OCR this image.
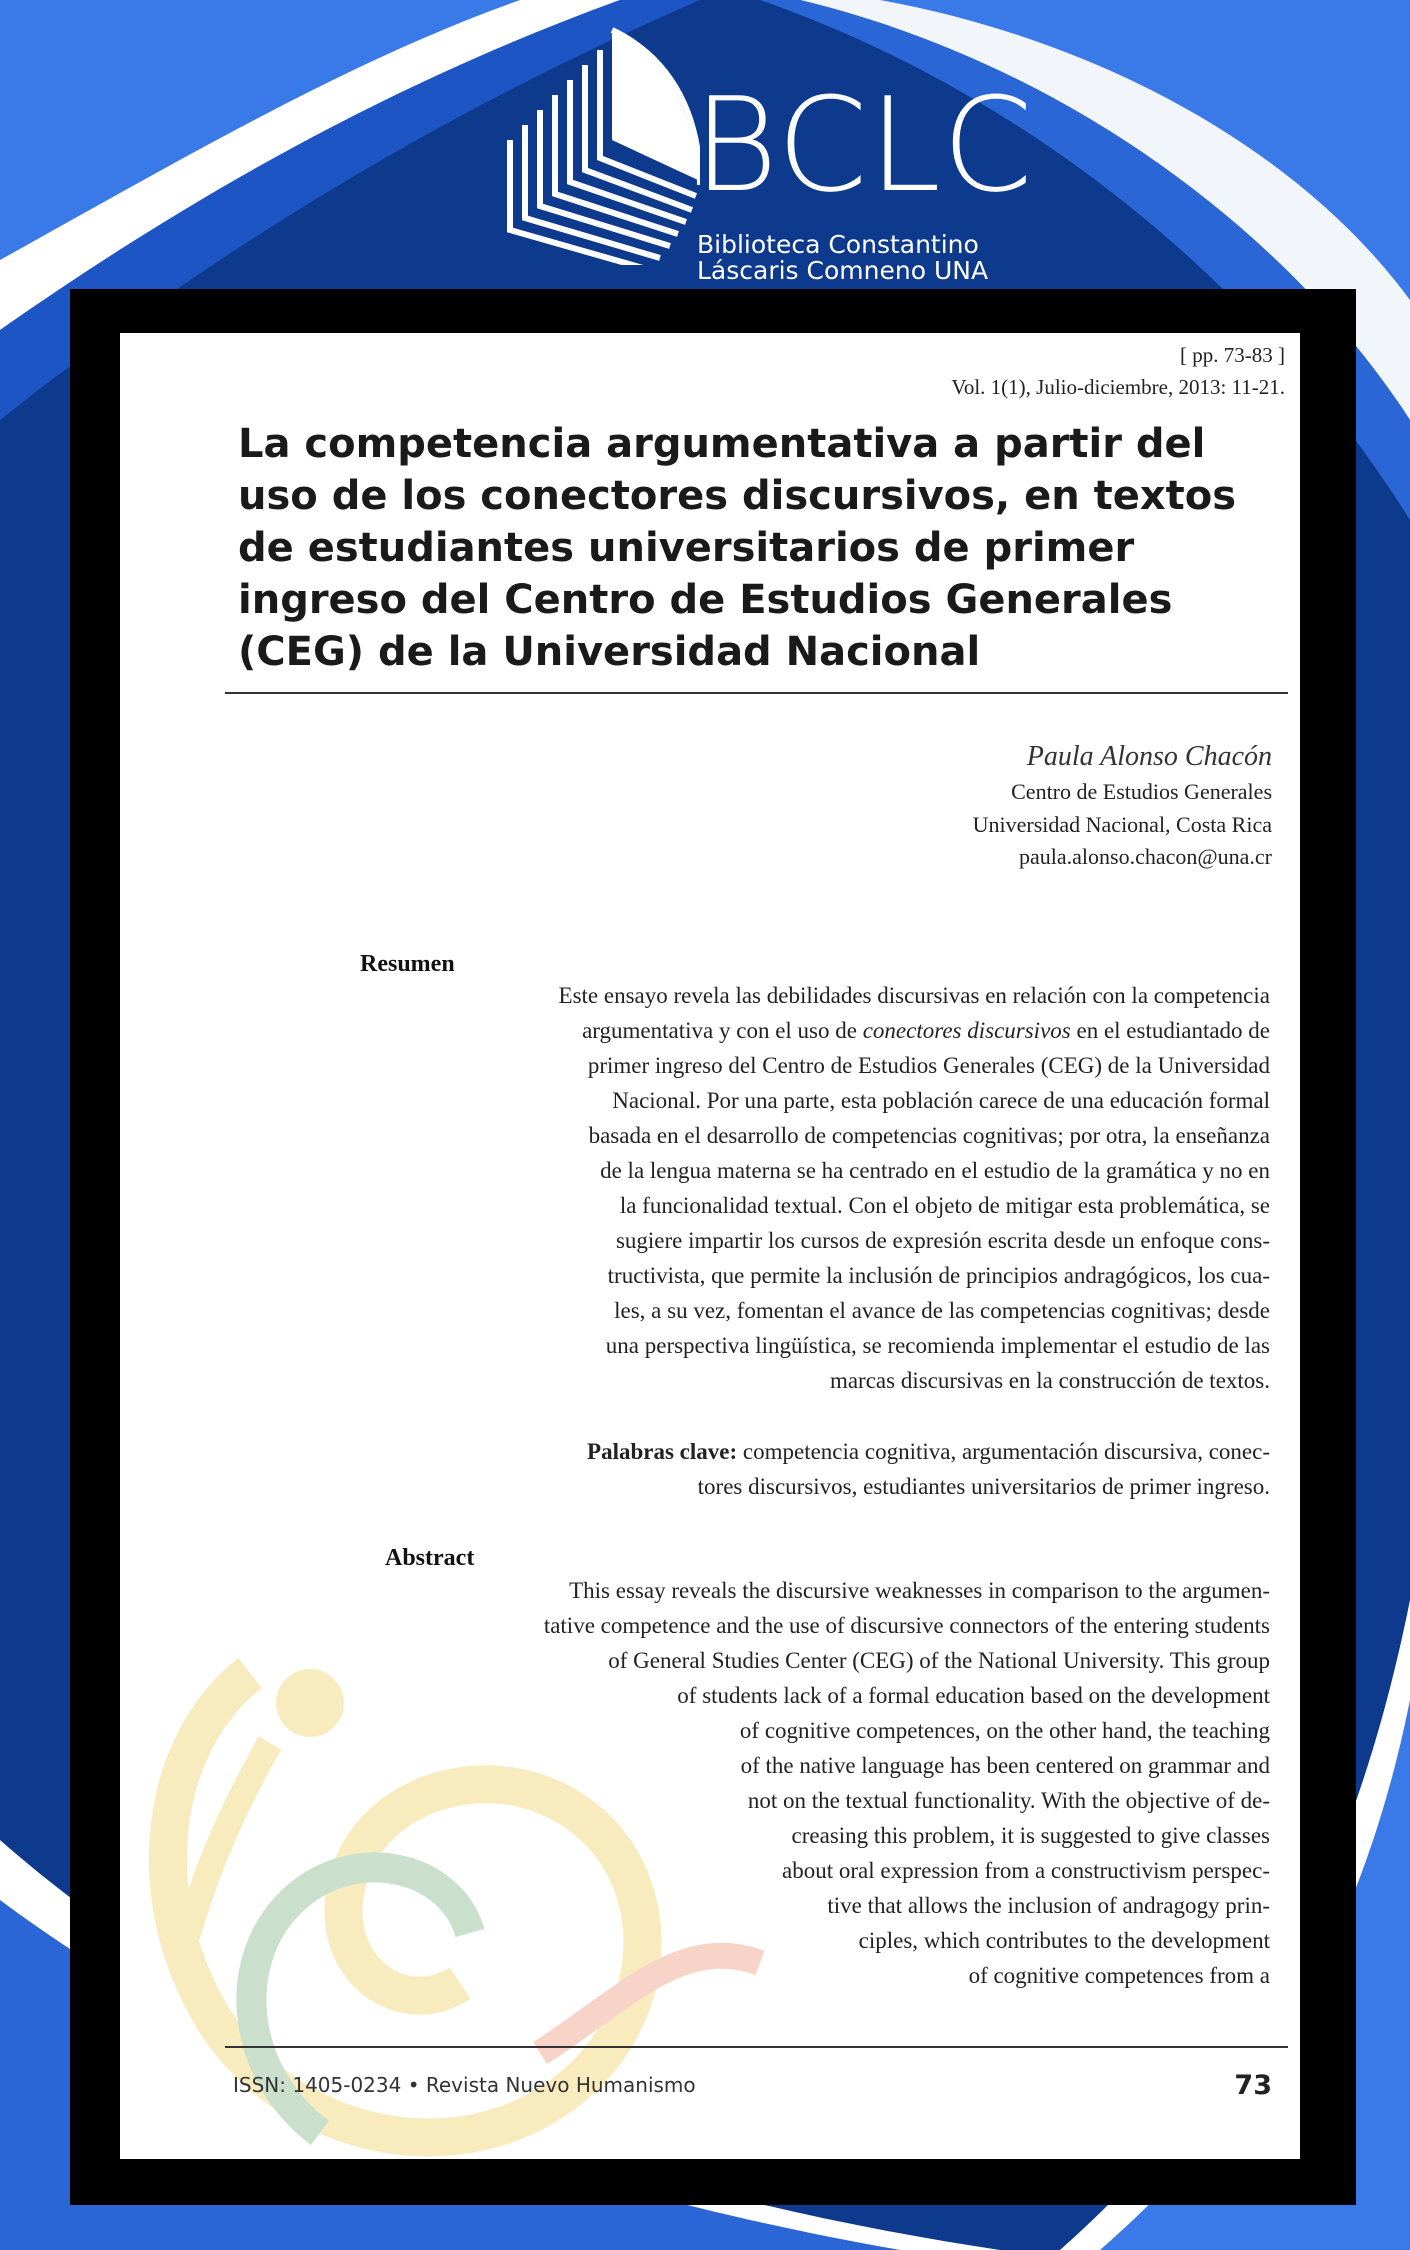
BCLC
Biblioteca Constantino
Láscaris Comneno UNA
[ pp. 73-83 ]
Vol. 1(1), Julio-diciembre, 2013: 11-21.
La competencia argumentativa a partir del
uso de los conectores discursivos, en textos
de estudiantes universitarios de primer
ingreso del Centro de Estudios Generales
(CEG) de la Universidad Nacional
Paula Alonso Chacón
Centro de Estudios Generales
Universidad Nacional, Costa Rica
paula.alonso.chacon@una.cr
Resumen
Este ensayo revela las debilidades discursivas en relación con la competencia
argumentativa y con el uso de conectores discursivos en el estudiantado de
primer ingreso del Centro de Estudios Generales (CEG) de la Universidad
Nacional. Por una parte, esta población carece de una educación formal
basada en el desarrollo de competencias cognitivas; por otra, la enseñanza
de la lengua materna se ha centrado en el estudio de la gramática y no en
la funcionalidad textual. Con el objeto de mitigar esta problemática, se
sugiere impartir los cursos de expresión escrita desde un enfoque cons-
tructivista, que permite la inclusión de principios andragógicos, los cua-
les, a su vez, fomentan el avance de las competencias cognitivas; desde
una perspectiva lingüística, se recomienda implementar el estudio de las
marcas discursivas en la construcción de textos.
Palabras clave: competencia cognitiva, argumentación discursiva, conec-
tores discursivos, estudiantes universitarios de primer ingreso.
Abstract
This essay reveals the discursive weaknesses in comparison to the argumen-
tative competence and the use of discursive connectors of the entering students
of General Studies Center (CEG) of the National University. This group
of students lack of a formal education based on the development
of cognitive competences, on the other hand, the teaching
of the native language has been centered on grammar and
not on the textual functionality. With the objective of de-
creasing this problem, it is suggested to give classes
about oral expression from a constructivism perspec-
tive that allows the inclusion of andragogy prin-
ciples, which contributes to the development
of cognitive competences from a
ISSN: 1405-0234 • Revista Nuevo Humanismo	73
